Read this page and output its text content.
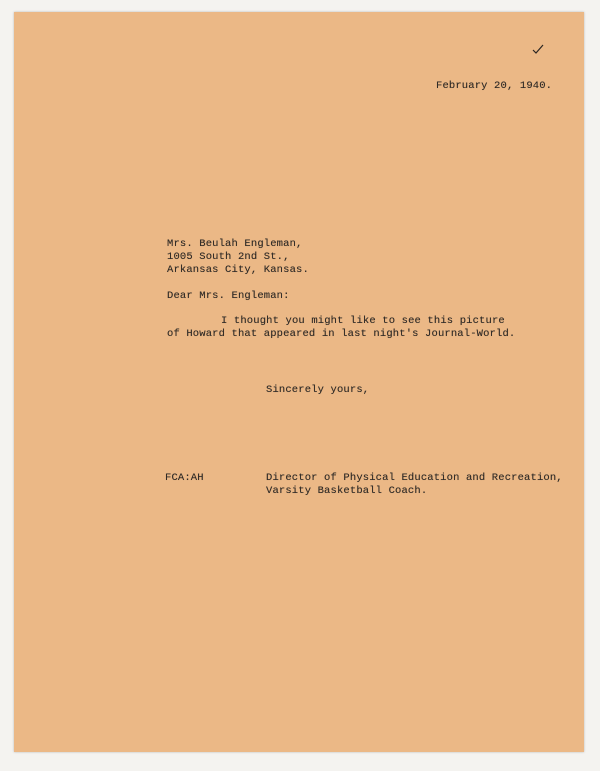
February 20, 1940.
Mrs. Beulah Engleman,
1005 South 2nd St.,
Arkansas City, Kansas.
Dear Mrs. Engleman:
I thought you might like to see this picture
of Howard that appeared in last night's Journal-World.
Sincerely yours,
FCA:AH	Director of Physical Education and Recreation,
Varsity Basketball Coach.
